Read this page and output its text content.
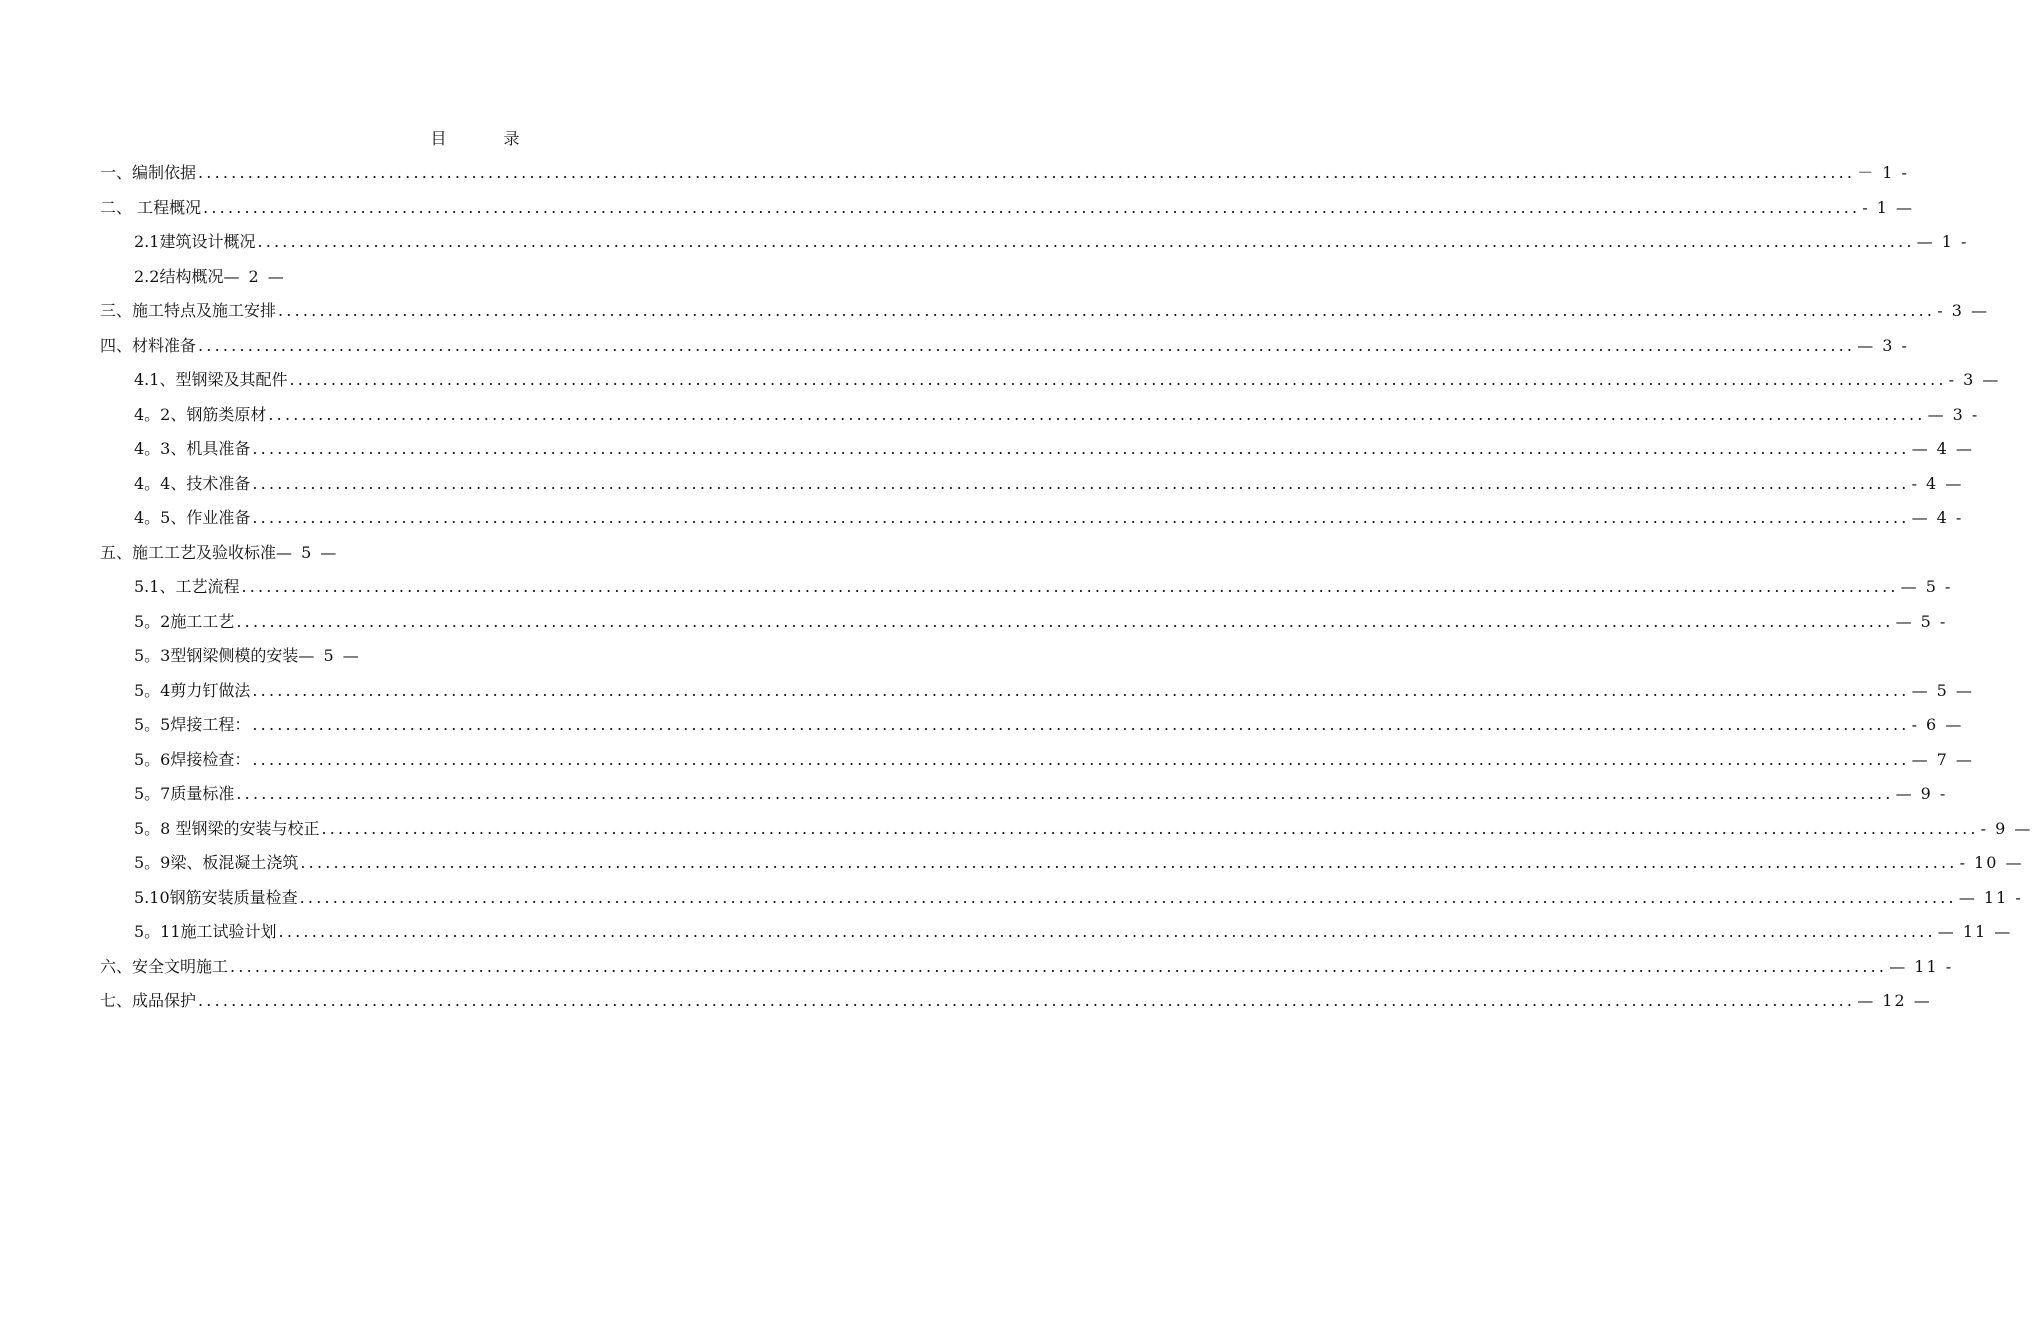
目 录
一、编制依据 ........................................................................................................................................................................................................ － 1 -
二、 工程概况 ........................................................................................................................................................................................................ - 1 —
2.1建筑设计概况 ........................................................................................................................................................................................................ — 1 -
2.2结构概况 — 2 —
三、施工特点及施工安排 ........................................................................................................................................................................................................ - 3 —
四、材料准备 ........................................................................................................................................................................................................ — 3 -
4.1、型钢梁及其配件 ........................................................................................................................................................................................................ - 3 —
4。2、钢筋类原材 ........................................................................................................................................................................................................ — 3 -
4。3、机具准备 ........................................................................................................................................................................................................ — 4 —
4。4、技术准备 ........................................................................................................................................................................................................ - 4 —
4。5、作业准备 ........................................................................................................................................................................................................ — 4 -
五、施工工艺及验收标准 — 5 —
5.1、工艺流程 ........................................................................................................................................................................................................ — 5 -
5。2施工工艺 ........................................................................................................................................................................................................ — 5 -
5。3型钢梁侧模的安装 — 5 —
5。4剪力钉做法 ........................................................................................................................................................................................................ — 5 —
5。5焊接工程： ........................................................................................................................................................................................................ - 6 —
5。6焊接检查： ........................................................................................................................................................................................................ — 7 —
5。7质量标准 ........................................................................................................................................................................................................ — 9 -
5。8 型钢梁的安装与校正 ........................................................................................................................................................................................................ - 9 —
5。9梁、板混凝土浇筑 ........................................................................................................................................................................................................ - 10 —
5.10钢筋安装质量检查 ........................................................................................................................................................................................................ — 11 -
5。11施工试验计划 ........................................................................................................................................................................................................ — 11 —
六、安全文明施工 ........................................................................................................................................................................................................ — 11 -
七、成品保护 ........................................................................................................................................................................................................ — 12 —
